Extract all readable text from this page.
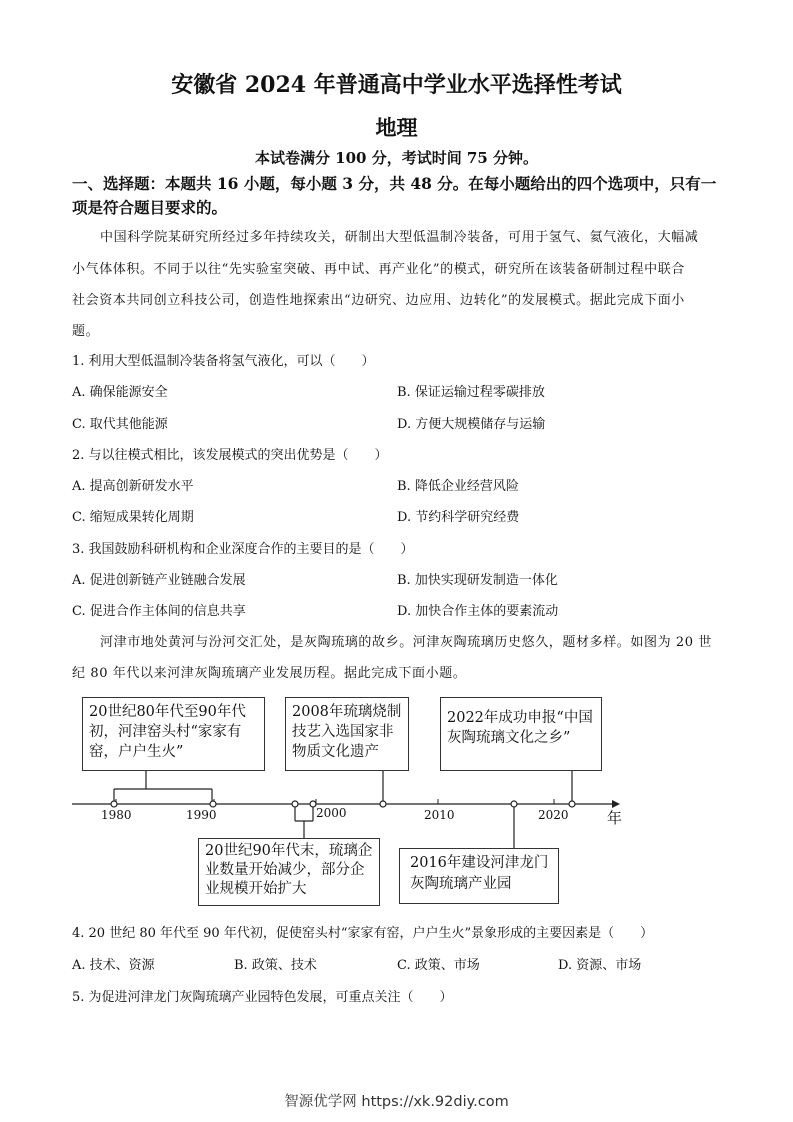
安徽省 2024 年普通高中学业水平选择性考试
地理
本试卷满分 100 分，考试时间 75 分钟。
一、选择题：本题共 16 小题，每小题 3 分，共 48 分。在每小题给出的四个选项中，只有一
项是符合题目要求的。
中国科学院某研究所经过多年持续攻关，研制出大型低温制冷装备，可用于氢气、氦气液化，大幅减
小气体体积。不同于以往“先实验室突破、再中试、再产业化”的模式，研究所在该装备研制过程中联合
社会资本共同创立科技公司，创造性地探索出“边研究、边应用、边转化”的发展模式。据此完成下面小
题。
1. 利用大型低温制冷装备将氢气液化，可以（　　）
A. 确保能源安全	B. 保证运输过程零碳排放
C. 取代其他能源	D. 方便大规模储存与运输
2. 与以往模式相比，该发展模式的突出优势是（　　）
A. 提高创新研发水平	B. 降低企业经营风险
C. 缩短成果转化周期	D. 节约科学研究经费
3. 我国鼓励科研机构和企业深度合作的主要目的是（　　）
A. 促进创新链产业链融合发展	B. 加快实现研发制造一体化
C. 促进合作主体间的信息共享	D. 加快合作主体的要素流动
河津市地处黄河与汾河交汇处，是灰陶琉璃的故乡。河津灰陶琉璃历史悠久，题材多样。如图为 20 世
纪 80 年代以来河津灰陶琉璃产业发展历程。据此完成下面小题。
1980	1990	2000	2010	2020	年
20世纪80年代至90年代初，河津窑头村“家家有窑，户户生火”
2008年琉璃烧制技艺入选国家非物质文化遗产
2022年成功申报“中国灰陶琉璃文化之乡”
20世纪90年代末，琉璃企业数量开始减少，部分企业规模开始扩大
2016年建设河津龙门灰陶琉璃产业园
4. 20 世纪 80 年代至 90 年代初，促使窑头村“家家有窑，户户生火”景象形成的主要因素是（　　）
A. 技术、资源	B. 政策、技术	C. 政策、市场	D. 资源、市场
5. 为促进河津龙门灰陶琉璃产业园特色发展，可重点关注（　　）
智源优学网 https://xk.92diy.com
